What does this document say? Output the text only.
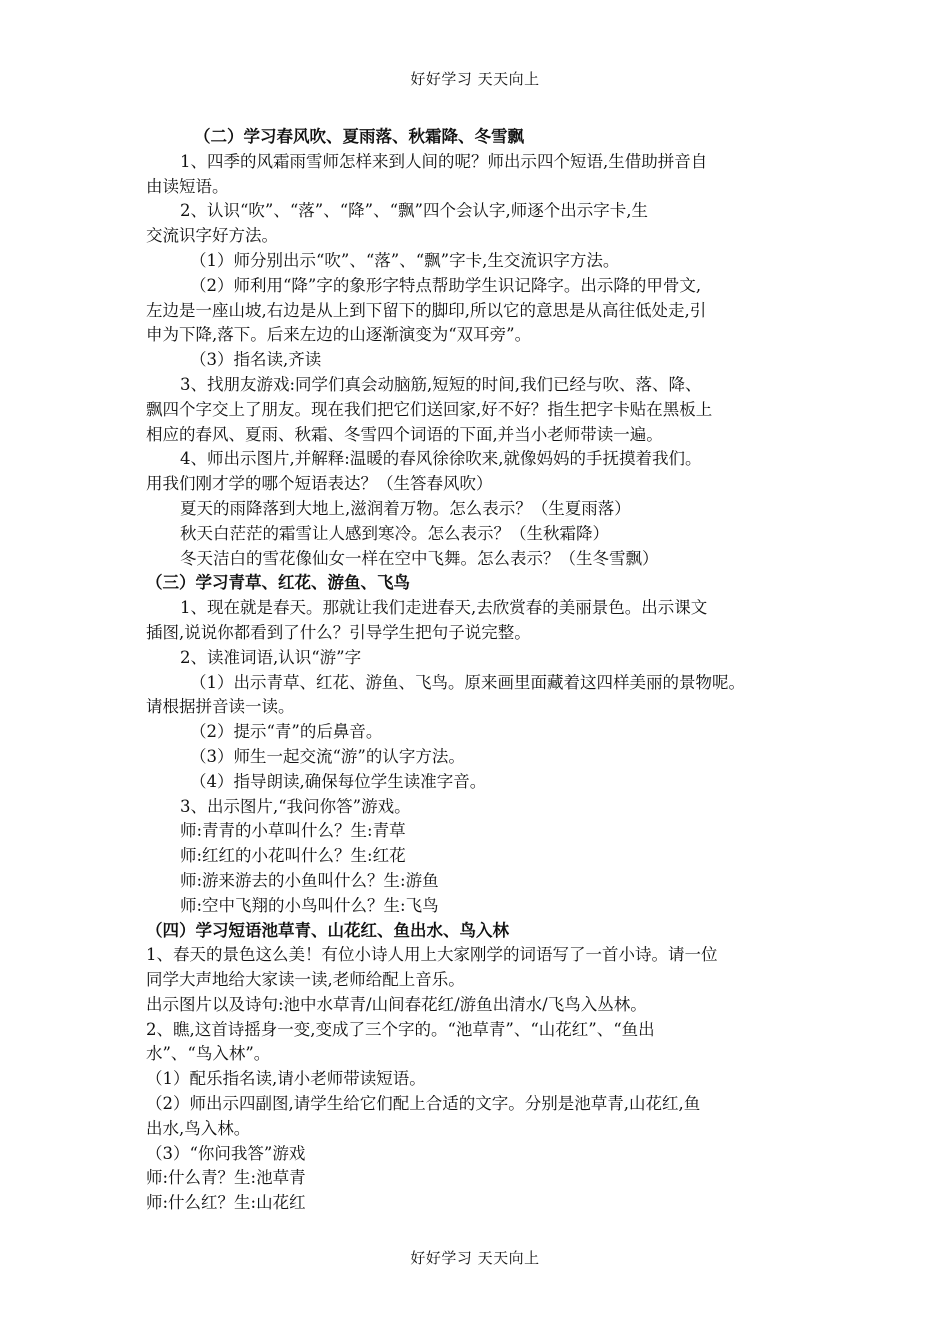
好好学习 天天向上

（二）学习春风吹、夏雨落、秋霜降、冬雪飘

1、四季的风霜雨雪师怎样来到人间的呢？师出示四个短语,生借助拼音自

由读短语。

2、认识“吹”、“落”、“降”、“飘”四个会认字,师逐个出示字卡,生

交流识字好方法。

（1）师分别出示“吹”、“落”、“飘”字卡,生交流识字方法。

（2）师利用“降”字的象形字特点帮助学生识记降字。出示降的甲骨文,

左边是一座山坡,右边是从上到下留下的脚印,所以它的意思是从高往低处走,引

申为下降,落下。后来左边的山逐渐演变为“双耳旁”。

（3）指名读,齐读

3、找朋友游戏:同学们真会动脑筋,短短的时间,我们已经与吹、落、降、

飘四个字交上了朋友。现在我们把它们送回家,好不好？指生把字卡贴在黑板上

相应的春风、夏雨、秋霜、冬雪四个词语的下面,并当小老师带读一遍。

4、师出示图片,并解释:温暖的春风徐徐吹来,就像妈妈的手抚摸着我们。

用我们刚才学的哪个短语表达？（生答春风吹）

夏天的雨降落到大地上,滋润着万物。怎么表示？（生夏雨落）

秋天白茫茫的霜雪让人感到寒冷。怎么表示？（生秋霜降）

冬天洁白的雪花像仙女一样在空中飞舞。怎么表示？（生冬雪飘）

（三）学习青草、红花、游鱼、飞鸟

1、现在就是春天。那就让我们走进春天,去欣赏春的美丽景色。出示课文

插图,说说你都看到了什么？引导学生把句子说完整。

2、读准词语,认识“游”字

（1）出示青草、红花、游鱼、飞鸟。原来画里面藏着这四样美丽的景物呢。

请根据拼音读一读。

（2）提示“青”的后鼻音。

（3）师生一起交流“游”的认字方法。

（4）指导朗读,确保每位学生读准字音。

3、出示图片,“我问你答”游戏。

师:青青的小草叫什么？生:青草

师:红红的小花叫什么？生:红花

师:游来游去的小鱼叫什么？生:游鱼

师:空中飞翔的小鸟叫什么？生:飞鸟

（四）学习短语池草青、山花红、鱼出水、鸟入林

1、春天的景色这么美！有位小诗人用上大家刚学的词语写了一首小诗。请一位

同学大声地给大家读一读,老师给配上音乐。

出示图片以及诗句:池中水草青/山间春花红/游鱼出清水/飞鸟入丛林。

2、瞧,这首诗摇身一变,变成了三个字的。“池草青”、“山花红”、“鱼出

水”、“鸟入林”。

（1）配乐指名读,请小老师带读短语。

（2）师出示四副图,请学生给它们配上合适的文字。分别是池草青,山花红,鱼

出水,鸟入林。

（3）“你问我答”游戏

师:什么青？生:池草青

师:什么红？生:山花红

好好学习 天天向上
